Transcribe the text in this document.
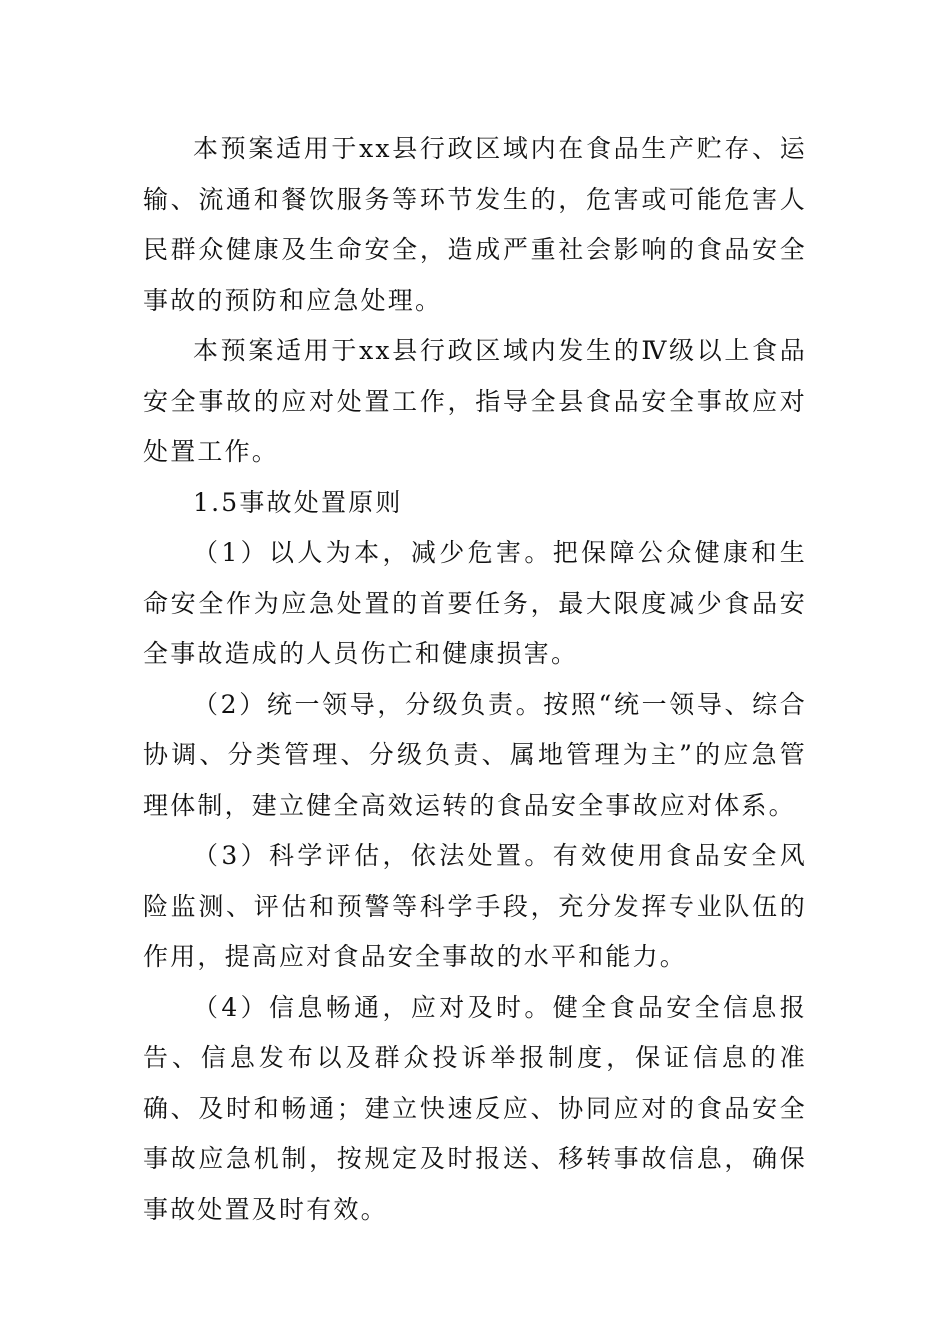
本预案适用于xx县行政区域内在食品生产贮存、运输、流通和餐饮服务等环节发生的，危害或可能危害人民群众健康及生命安全，造成严重社会影响的食品安全事故的预防和应急处理。

本预案适用于xx县行政区域内发生的Ⅳ级以上食品安全事故的应对处置工作，指导全县食品安全事故应对处置工作。

1.5事故处置原则

（1）以人为本，减少危害。把保障公众健康和生命安全作为应急处置的首要任务，最大限度减少食品安全事故造成的人员伤亡和健康损害。

（2）统一领导，分级负责。按照“统一领导、综合协调、分类管理、分级负责、属地管理为主”的应急管理体制，建立健全高效运转的食品安全事故应对体系。

（3）科学评估，依法处置。有效使用食品安全风险监测、评估和预警等科学手段，充分发挥专业队伍的作用，提高应对食品安全事故的水平和能力。

（4）信息畅通，应对及时。健全食品安全信息报告、信息发布以及群众投诉举报制度，保证信息的准确、及时和畅通；建立快速反应、协同应对的食品安全事故应急机制，按规定及时报送、移转事故信息，确保事故处置及时有效。
